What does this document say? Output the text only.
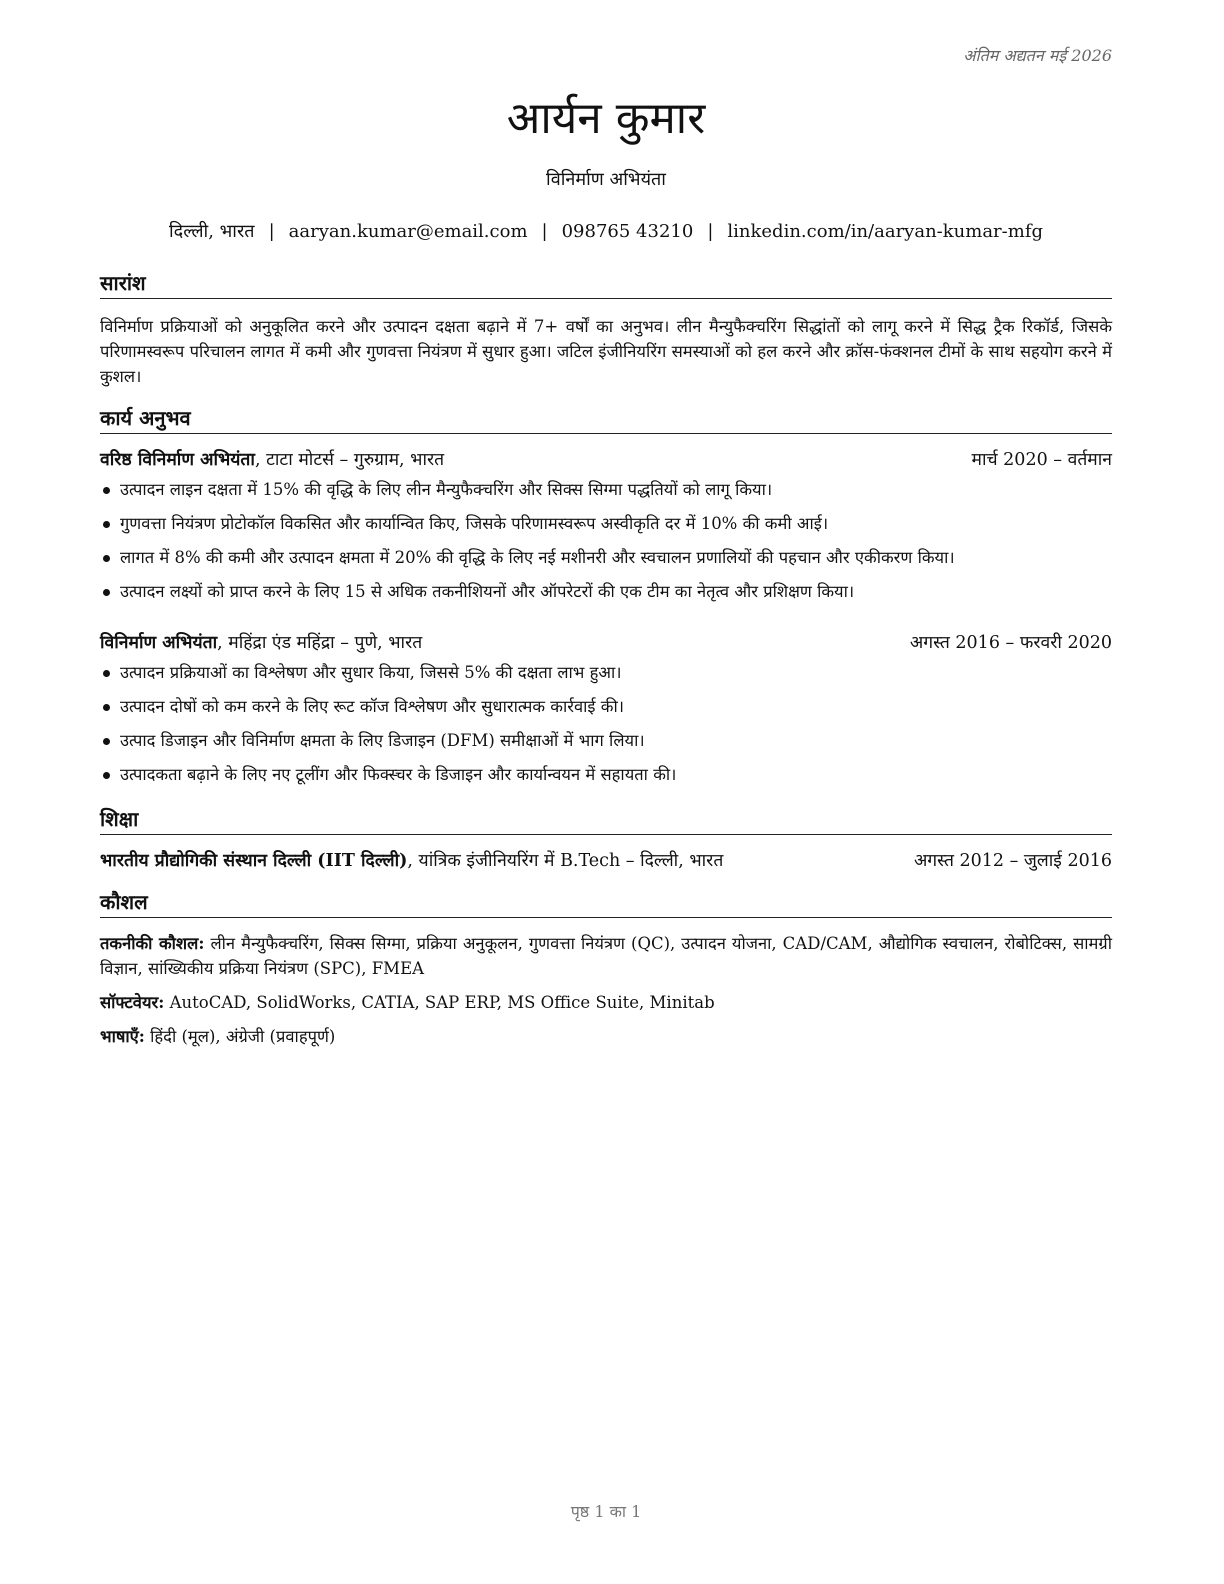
अंतिम अद्यतन मई 2026
आर्यन कुमार
विनिर्माण अभियंता
दिल्ली, भारत | aaryan.kumar@email.com | 098765 43210 | linkedin.com/in/aaryan-kumar-mfg
सारांश

विनिर्माण प्रक्रियाओं को अनुकूलित करने और उत्पादन दक्षता बढ़ाने में 7+ वर्षों का अनुभव। लीन मैन्युफैक्चरिंग सिद्धांतों को लागू करने में सिद्ध ट्रैक रिकॉर्ड, जिसके परिणामस्वरूप परिचालन लागत में कमी और गुणवत्ता नियंत्रण में सुधार हुआ। जटिल इंजीनियरिंग समस्याओं को हल करने और क्रॉस-फंक्शनल टीमों के साथ सहयोग करने में कुशल।

कार्य अनुभव
वरिष्ठ विनिर्माण अभियंता, टाटा मोटर्स – गुरुग्राम, भारत	मार्च 2020 – वर्तमान
उत्पादन लाइन दक्षता में 15% की वृद्धि के लिए लीन मैन्युफैक्चरिंग और सिक्स सिग्मा पद्धतियों को लागू किया।
गुणवत्ता नियंत्रण प्रोटोकॉल विकसित और कार्यान्वित किए, जिसके परिणामस्वरूप अस्वीकृति दर में 10% की कमी आई।
लागत में 8% की कमी और उत्पादन क्षमता में 20% की वृद्धि के लिए नई मशीनरी और स्वचालन प्रणालियों की पहचान और एकीकरण किया।
उत्पादन लक्ष्यों को प्राप्त करने के लिए 15 से अधिक तकनीशियनों और ऑपरेटरों की एक टीम का नेतृत्व और प्रशिक्षण किया।
विनिर्माण अभियंता, महिंद्रा एंड महिंद्रा – पुणे, भारत	अगस्त 2016 – फरवरी 2020
उत्पादन प्रक्रियाओं का विश्लेषण और सुधार किया, जिससे 5% की दक्षता लाभ हुआ।
उत्पादन दोषों को कम करने के लिए रूट कॉज विश्लेषण और सुधारात्मक कार्रवाई की।
उत्पाद डिजाइन और विनिर्माण क्षमता के लिए डिजाइन (DFM) समीक्षाओं में भाग लिया।
उत्पादकता बढ़ाने के लिए नए टूलींग और फिक्स्चर के डिजाइन और कार्यान्वयन में सहायता की।
शिक्षा
भारतीय प्रौद्योगिकी संस्थान दिल्ली (IIT दिल्ली), यांत्रिक इंजीनियरिंग में B.Tech – दिल्ली, भारत	अगस्त 2012 – जुलाई 2016
कौशल

तकनीकी कौशल: लीन मैन्युफैक्चरिंग, सिक्स सिग्मा, प्रक्रिया अनुकूलन, गुणवत्ता नियंत्रण (QC), उत्पादन योजना, CAD/CAM, औद्योगिक स्वचालन, रोबोटिक्स, सामग्री विज्ञान, सांख्यिकीय प्रक्रिया नियंत्रण (SPC), FMEA

सॉफ्टवेयर: AutoCAD, SolidWorks, CATIA, SAP ERP, MS Office Suite, Minitab

भाषाएँ: हिंदी (मूल), अंग्रेजी (प्रवाहपूर्ण)

पृष्ठ 1 का 1
